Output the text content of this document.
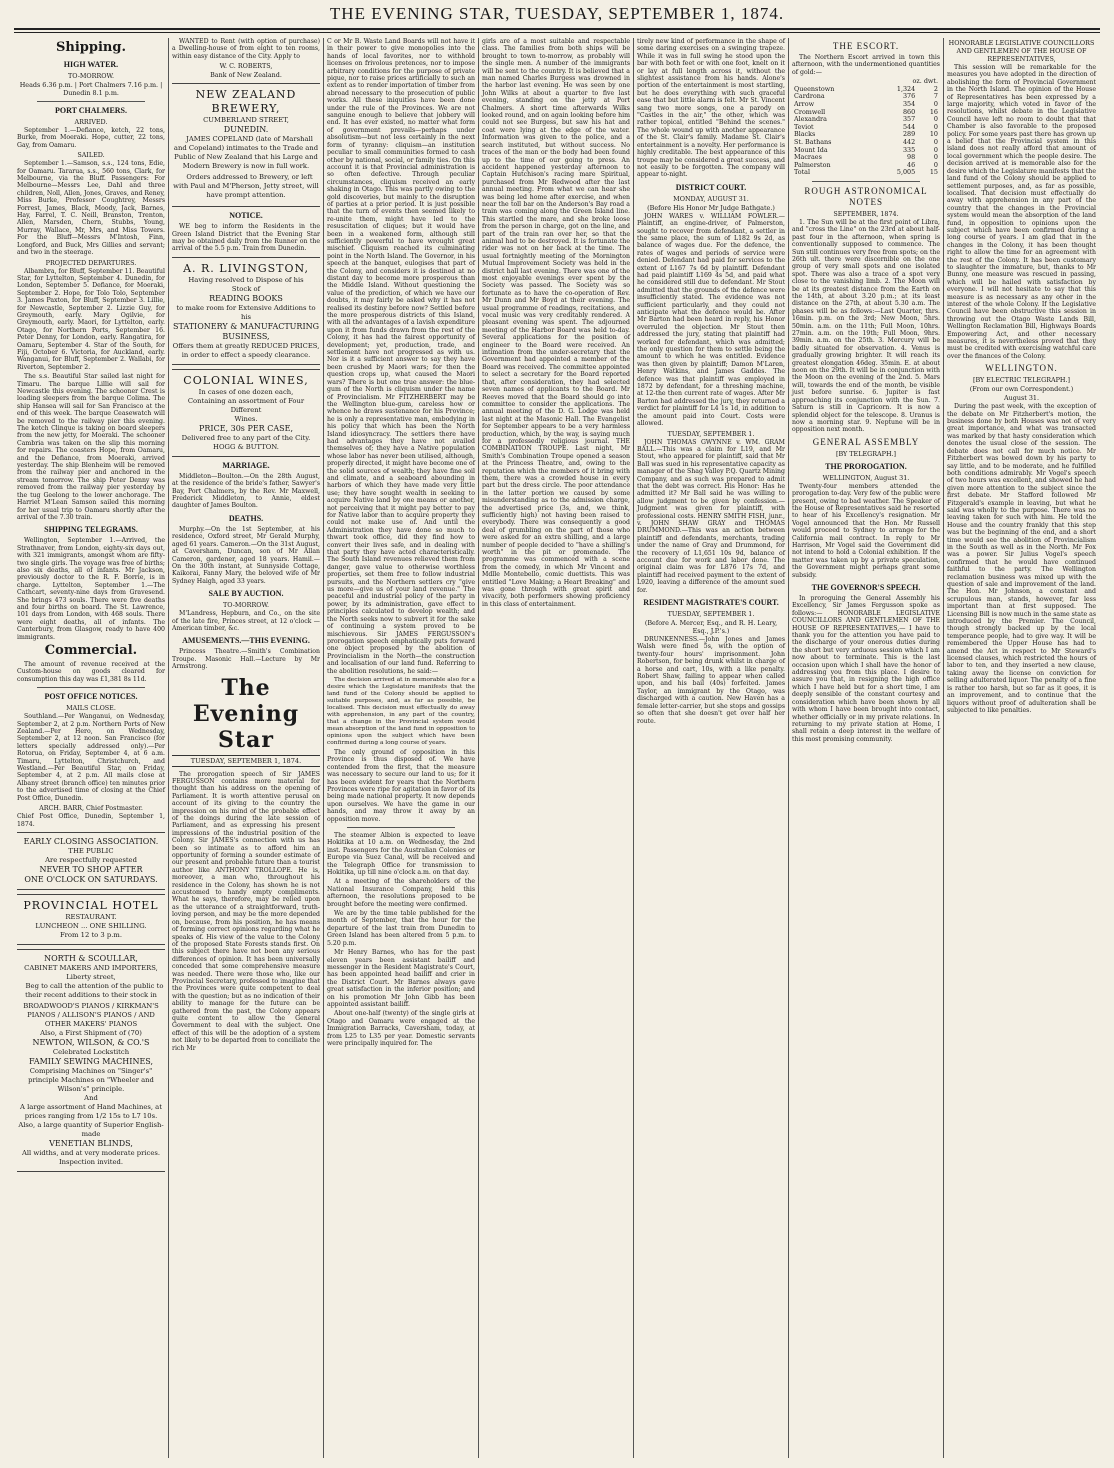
THE EVENING STAR, TUESDAY, SEPTEMBER 1, 1874.
Shipping.
HIGH WATER.
TO-MORROW.
Heads 6.36 p.m. | Port Chalmers 7.16 p.m. | Dunedin 8.1 p.m.
PORT CHALMERS.
ARRIVED.

September 1.—Defiance, ketch, 22 tons, Burke, from Moeraki. Hope, cutter, 22 tons, Gay, from Oamaru.

SAILED.

September 1.—Samson, s.s., 124 tons, Edie, for Oamaru. Tararua, s.s., 560 tons, Clark, for Melbourne, via the Bluff. Passengers: For Melbourne—Messrs Lee, Dahl and three children, Noll, Allen, Jones, Graves, and Reney, Miss Burke, Professor Coughtrey, Messrs Forrest, James, Black, Moody, Jack, Barnes, Hay, Farrel, T. C. Neill, Branston, Trenton, Allen, Marsden, Chern, Stubbs, Young, Murray, Wallace, Mr, Mrs, and Miss Towers. For the Bluff—Messrs M'Intosh, Finn, Longford, and Buck, Mrs Gillies and servant; and two in the steerage.

PROJECTED DEPARTURES.

Albambra, for Bluff, September 11. Beautiful Star, for Lyttelton, September 4. Dunedin, for London, September 5. Defiance, for Moeraki, September 2. Hope, for Tolo Tolo, September 3. James Paxton, for Bluff, September 3. Lillie, for Newcastle, September 2. Lizzie Guy, for Greymouth, early. Mary Ogilvie, for Greymouth, early. Maori, for Lyttelton, early. Otago, for Northern Ports, September 16. Peter Denny, for London, early. Rangatira, for Oamaru, September 4. Star of the South, for Fiji, October 6. Victoria, for Auckland, early. Wanganui, for Bluff, September 2. Wallabi, for Riverton, September 2.

The s.s. Beautiful Star sailed last night for Timaru. The barque Lillie will sail for Newcastle this evening. The schooner Crest is loading sleepers from the barque Colima. The ship Hansea will sail for San Francisco at the end of this week. The barque Ceasewatch will be removed to the railway pier this evening. The ketch Clinque is taking on board sleepers from the new jetty, for Moeraki. The schooner Cambria was taken on the slip this morning for repairs. The coasters Hope, from Oamaru, and the Defiance, from Moeraki, arrived yesterday. The ship Blenheim will be removed from the railway pier and anchored in the stream tomorrow. The ship Peter Denny was removed from the railway pier yesterday by the tug Geelong to the lower anchorage. The Harriet M'Lean Samson sailed this morning for her usual trip to Oamaru shortly after the arrival of the 7.30 train.

SHIPPING TELEGRAMS.

Wellington, September 1.—Arrived, the Strathnaver, from London, eighty-six days out, with 321 immigrants, amongst whom are fifty-two single girls. The voyage was free of births; also six deaths, all of infants. Mr Jackson, previously doctor to the R. F. Borrie, is in charge. Lyttelton, September 1.—The Cathcart, seventy-nine days from Gravesend. She brings 473 souls. There were five deaths and four births on board. The St. Lawrence, 101 days from London, with 468 souls. There were eight deaths, all of infants. The Canterbury, from Glasgow, ready to have 400 immigrants.

Commercial.

The amount of revenue received at the Custom-house on goods cleared for consumption this day was £1,381 8s 11d.

POST OFFICE NOTICES.
MAILS CLOSE.

Southland.—Per Wanganui, on Wednesday, September 2, at 2 p.m. Northern Ports of New Zealand.—Per Hero, on Wednesday, September 2, at 12 noon. San Francisco (for letters specially addressed only).—Per Rotorua, on Friday, September 4, at 6 a.m. Timaru, Lyttelton, Christchurch, and Westland.—Per Beautiful Star, on Friday, September 4, at 2 p.m. All mails close at Albany street (branch office) ten minutes prior to the advertised time of closing at the Chief Post Office, Dunedin.

ARCH. BARR, Chief Postmaster.

Chief Post Office, Dunedin, September 1, 1874.

EARLY CLOSING ASSOCIATION.
THE PUBLIC
Are respectfully requested
NEVER TO SHOP AFTER
ONE O'CLOCK ON SATURDAYS.
PROVINCIAL HOTEL
RESTAURANT.
LUNCHEON ... ONE SHILLING.
From 12 to 3 p.m.
NORTH & SCOULLAR,
CABINET MAKERS AND IMPORTERS, Liberty street,

Beg to call the attention of the public to their recent additions to their stock in

BROADWOOD'S PIANOS / KIRKMAN'S PIANOS / ALLISON'S PIANOS / AND OTHER MAKERS' PIANOS
Also, a First Shipment of (70)
NEWTON, WILSON, & CO.'S
Celebrated Lockstitch
FAMILY SEWING MACHINES,
Comprising Machines on "Singer's" principle Machines on "Wheeler and Wilson's" principle.
And
A large assortment of Hand Machines, at prices ranging from 1/2 15s to L7 10s.
Also, a large quantity of Superior English-made
VENETIAN BLINDS,
All widths, and at very moderate prices.
Inspection invited.

WANTED to Rent (with option of purchase) a Dwelling-house of from eight to ten rooms, within easy distance of the City. Apply to

W. C. ROBERTS,
Bank of New Zealand.
NEW ZEALAND BREWERY,
CUMBERLAND STREET,
DUNEDIN.

JAMES COPELAND (late of Marshall and Copeland) intimates to the Trade and Public of New Zealand that his Large and Modern Brewery is now in full work.

Orders addressed to Brewery, or left with Paul and M'Pherson, Jetty street, will have prompt attention.

NOTICE.

WE beg to inform the Residents in the Green Island District that the Evening Star may be obtained daily from the Runner on the arrival of the 5.5 p.m. Train from Dunedin.

A. R. LIVINGSTON,
Having resolved to Dispose of his
Stock of
READING BOOKS
to make room for Extensive Additions to his
STATIONERY & MANUFACTURING
BUSINESS,
Offers them at greatly REDUCED PRICES, in order to effect a speedy clearance.
COLONIAL WINES,
In cases of one dozen each,
Containing an assortment of Four Different
Wines.
PRICE, 30s PER CASE,
Delivered free to any part of the City.
HOGG & BUTTON.
MARRIAGE.

Middleton—Boulton.—On the 28th August, at the residence of the bride's father, Sawyer's Bay, Port Chalmers, by the Rev. Mr Maxwell, Frederick Middleton, to Annie, eldest daughter of James Boulton.

DEATHS.

Murphy.—On the 1st September, at his residence, Oxford street, Mr Gerald Murphy, aged 61 years. Cameron.—On the 31st August, at Caversham, Duncan, son of Mr Allan Cameron, gardener, aged 18 years. Hamil.—On the 30th instant, at Sunnyside Cottage, Kaikorai, Fanny Mary, the beloved wife of Mr Sydney Haigh, aged 33 years.

SALE BY AUCTION.
TO-MORROW.

M'Landress, Hepburn, and Co., on the site of the late fire, Princes street, at 12 o'clock —American timber, &c.

AMUSEMENTS.—THIS EVENING.

Princess Theatre.—Smith's Combination Troupe. Masonic Hall.—Lecture by Mr Armstrong.

The Evening Star
TUESDAY, SEPTEMBER 1, 1874.

The prorogation speech of Sir JAMES FERGUSSON contains more material for thought than his address on the opening of Parliament. It is worth attentive perusal on account of its giving to the country the impression on his mind of the probable effect of the doings during the late session of Parliament, and as expressing his present impressions of the industrial position of the Colony. Sir JAMES's connection with us has been so intimate as to afford him an opportunity of forming a sounder estimate of our present and probable future than a tourist author like ANTHONY TROLLOPE. He is, moreover, a man who, throughout his residence in the Colony, has shown he is not accustomed to handy empty compliments. What he says, therefore, may be relied upon as the utterance of a straightforward, truth-loving person, and may be the more depended on, because, from his position, he has means of forming correct opinions regarding what he speaks of. His view of the value to the Colony of the proposed State Forests stands first. On this subject there have not been any serious differences of opinion. It has been universally conceded that some comprehensive measure was needed. There were those who, like our Provincial Secretary, professed to imagine that the Provinces were quite competent to deal with the question; but as no indication of their ability to manage for the future can be gathered from the past, the Colony appears quite content to allow the General Government to deal with the subject. One effect of this will be the adoption of a system not likely to be departed from to conciliate the rich Mr

C or Mr B. Waste Land Boards will not have it in their power to give monopolies into the hands of local favorites, nor to withhold licenses on frivolous pretences, nor to impose arbitrary conditions for the purpose of private pique, nor to raise prices artificially to such an extent as to render importation of timber from abroad necessary to the prosecution of public works. All these iniquities have been done under the rule of the Provinces. We are not sanguine enough to believe that jobbery will end. It has ever existed, no matter what form of government prevails—perhaps under absolutism—but not less certainly in the next form of tyranny: cliquism—an institution peculiar to small communities formed to cash other by national, social, or family ties. On this account it is that Provincial administration is so often defective. Through peculiar circumstances, cliquism received an early shaking in Otago. This was partly owing to the gold discoveries, but mainly to the disruption of parties at a prior period. It is just possible that the turn of events then seemed likely to re-unite them, might have led to the resuscitation of cliques; but it would have been in a weakened form, although still sufficiently powerful to have wrought great mischief. Cliquism reached its culminating point in the North Island. The Governor, in his speech at the banquet, eulogises that part of the Colony, and considers it is destined at no distant day to become more prosperous than the Middle Island. Without questioning the value of the prediction, of which we have our doubts, it may fairly be asked why it has not realised its destiny before now? Settled before the more prosperous districts of this Island, with all the advantages of a lavish expenditure upon it from funds drawn from the rest of the Colony, it has had the fairest opportunity of development; yet, production, trade, and settlement have not progressed as with us. Nor is it a sufficient answer to say they have been crushed by Maori wars; for then the question crops up, what caused the Maori wars? There is but one true answer: the blue-gum of the North is cliquism under the name of Provincialism. Mr FITZHERBERT may be the Wellington blue-gum, careless how or whence he draws sustenance for his Province; he is only a representative man, embodying in his policy that which has been the North Island idiosyncracy. The settlers there have had advantages they have not availed themselves of; they have a Native population whose labor has never been utilised, although, properly directed, it might have become one of the solid sources of wealth; they have fine soil and climate, and a seaboard abounding in harbors of which they have made very little use; they have sought wealth in seeking to acquire Native land by one means or another, not perceiving that it might pay better to pay for Native labor than to acquire property they could not make use of. And until the Administration they have done so much to thwart took office, did they find how to convert their lives safe, and in dealing with that party they have acted characteristically. The South Island revenues relieved them from danger, gave value to otherwise worthless properties, set them free to follow industrial pursuits, and the Northern settlers cry "give us more—give us of your land revenue." The peaceful and industrial policy of the party in power, by its administration, gave effect to principles calculated to develop wealth; and the North seeks now to subvert it for the sake of continuing a system proved to be mischievous. Sir JAMES FERGUSSON's prorogation speech emphatically puts forward one object proposed by the abolition of Provincialism in the North—the construction and localisation of our land fund. Referring to the abolition resolutions, he said:—

The decision arrived at in memorable also for a desire which the Legislature manifests that the land fund of the Colony should be applied to suitable purposes, and, as far as possible, be localised. This decision must effectually do away with apprehension, in any part of the country, that a change in the Provincial system would mean absorption of the land fund in opposition to opinions upon the subject which have been confirmed during a long course of years.

The only ground of opposition in this Province is thus disposed of. We have contended from the first, that the measure was necessary to secure our land to us; for it has been evident for years that the Northern Provinces were ripe for agitation in favor of its being made national property. It now depends upon ourselves. We have the game in our hands, and may throw it away by an opposition move.

The steamer Albion is expected to leave Hokitika at 10 a.m. on Wednesday, the 2nd inst. Passengers for the Australian Colonies or Europe via Suez Canal, will be received and the Telegraph Office for transmission to Hokitika, up till nine o'clock a.m. on that day.

At a meeting of the shareholders of the National Insurance Company, held this afternoon, the resolutions proposed to be brought before the meeting were confirmed.

We are by the time table published for the month of September, that the hour for the departure of the last train from Dunedin to Green Island has been altered from 5 p.m. to 5.20 p.m.

Mr Henry Barnes, who has for the past eleven years been assistant bailiff and messenger in the Resident Magistrate's Court, has been appointed head bailiff and crier in the District Court. Mr Barnes always gave great satisfaction in the inferior position; and on his promotion Mr John Gibb has been appointed assistant bailiff.

About one-half (twenty) of the single girls at Otago and Oamaru were engaged at the Immigration Barracks, Caversham, today, at from L25 to L35 per year. Domestic servants were principally inquired for. The

girls are of a most suitable and respectable class. The families from both ships will be brought to town to-morrow, as probably will the single men. A number of the immigrants will be sent to the country. It is believed that a man named Charles Burgess was drowned in the harbor last evening. He was seen by one John Wilks at about a quarter to five last evening, standing on the jetty at Port Chalmers. A short time afterwards Wilks looked round, and on again looking before him could not see Burgess, but saw his hat and coat were lying at the edge of the water. Information was given to the police, and a search instituted, but without success. No traces of the man or the body had been found up to the time of our going to press. An accident happened yesterday afternoon to Captain Hutchison's racing mare Spiritual, purchased from Mr Redwood after the last annual meeting. From what we can hear she was being led home after exercise, and when near the toll bar on the Anderson's Bay road a train was coming along the Green Island line. This startled the mare, and she broke loose from the person in charge, got on the line, and part of the train ran over her, so that the animal had to be destroyed. It is fortunate the rider was not on her back at the time. The usual fortnightly meeting of the Mornington Mutual Improvement Society was held in the district hall last evening. There was one of the most enjoyable evenings ever spent by the Society was passed. The Society was so fortunate as to have the co-operation of Rev. Mr Dunn and Mr Boyd at their evening. The usual programme of readings, recitations, and vocal music was very creditably rendered. A pleasant evening was spent. The adjourned meeting of the Harbor Board was held to-day. Several applications for the position of engineer to the Board were received. An intimation from the under-secretary that the Government had appointed a member of the Board was received. The committee appointed to select a secretary for the Board reported that, after consideration, they had selected seven names of applicants to the Board. Mr Reeves moved that the Board should go into committee to consider the applications. The annual meeting of the D. G. Lodge was held last night at the Masonic Hall. The Evangelist for September appears to be a very harmless production, which, by the way, is saying much for a professedly religious journal. THE COMBINATION TROUPE. Last night, Mr Smith's Combination Troupe opened a season at the Princess Theatre, and, owing to the reputation which the members of it bring with them, there was a crowded house in every part but the dress circle. The poor attendance in the latter portion we caused by some misunderstanding as to the admission charge, the advertised price (3s, and, we think, sufficiently high) not having been raised to everybody. There was consequently a good deal of grumbling on the part of those who were asked for an extra shilling, and a large number of people decided to "have a shilling's worth" in the pit or promenade. The programme was commenced with a scene from the comedy, in which Mr Vincent and Mdlle Montebello, comic duettists. This was entitled "Love Making; a Heart Breaking" and was gone through with great spirit and vivacity, both performers showing proficiency in this class of entertainment.

tirely new kind of performance in the shape of some daring exercises on a swinging trapeze. While it was in full swing he stood upon the bar with both feet or with one foot, knelt on it or lay at full length across it, without the slightest assistance from his hands. Alone's portion of the entertainment is most startling, but he does everything with such graceful ease that but little alarm is felt. Mr St. Vincent sang two more songs, one a parody on "Castles in the air," the other, which was rather topical, entitled "Behind the scenes." The whole wound up with another appearance of the St. Clair's family. Madame St. Clair's entertainment is a novelty. Her performance is highly creditable. The best appearance of this troupe may be considered a great success, and not easily to be forgotten. The company will appear to-night.

DISTRICT COURT.
MONDAY, AUGUST 31.
(Before His Honor Mr Judge Bathgate.)

JOHN WARES v. WILLIAM FOWLER.—Plaintiff, an engine-driver, of Palmerston, sought to recover from defendant, a settler in the same place, the sum of L182 9s 2d, as balance of wages due. For the defence, the rates of wages and periods of service were denied. Defendant had paid for services to the extent of L167 7s 6d by plaintiff. Defendant had paid plaintiff L169 4s 5d, and paid what he considered still due to defendant. Mr Stout admitted that the grounds of the defence were insufficiently stated. The evidence was not sufficient particularly, and they could not anticipate what the defence would be. After Mr Barton had been heard in reply, his Honor overruled the objection. Mr Stout then addressed the jury, stating that plaintiff had worked for defendant, which was admitted; the only question for them to settle being the amount to which he was entitled. Evidence was then given by plaintiff; Damon M'Laren, Henry Watkins, and James Gaddes. The defence was that plaintiff was employed in 1872 by defendant, for a threshing machine, at 12-the then current rate of wages. After Mr Barton had addressed the jury, they returned a verdict for plaintiff for L4 1s 1d, in addition to the amount paid into Court. Costs were allowed.

TUESDAY, SEPTEMBER 1.

JOHN THOMAS GWYNNE v. WM. GRAM BALL.—This was a claim for L19, and Mr Stout, who appeared for plaintiff, said that Mr Ball was sued in his representative capacity as manager of the Shag Valley P.Q. Quartz Mining Company, and as such was prepared to admit that the debt was correct. His Honor: Has he admitted it? Mr Ball said he was willing to allow judgment to be given by confession.—Judgment was given for plaintiff, with professional costs. HENRY SMITH FISH, junr., v. JOHN SHAW GRAY and THOMAS DRUMMOND.—This was an action between plaintiff and defendants, merchants, trading under the name of Gray and Drummond, for the recovery of L1,651 10s 9d, balance of account due for work and labor done. The original claim was for L876 17s 7d, and plaintiff had received payment to the extent of L920, leaving a difference of the amount sued for.

RESIDENT MAGISTRATE'S COURT.
TUESDAY, SEPTEMBER 1.
(Before A. Mercer, Esq., and R. H. Leary, Esq., J.P.'s.)

DRUNKENNESS.—John Jones and James Walsh were fined 5s, with the option of twenty-four hours' imprisonment. John Robertson, for being drunk whilst in charge of a horse and cart, 10s, with a like penalty. Robert Shaw, failing to appear when called upon, and his bail (40s) forfeited. James Taylor, an immigrant by the Otago, was discharged with a caution. New Haven has a female letter-carrier, but she stops and gossips so often that she doesn't get over half her route.

THE ESCORT.

The Northern Escort arrived in town this afternoon, with the undermentioned quantities of gold:—

	oz. dwt.	
Queenstown	1,324	2
Cardrona	376	7
Arrow	354	0
Cromwell	860	16
Alexandra	357	0
Teviot	544	0
Blacks	289	10
St. Bathans	442	0
Mount Ida	335	0
Macraes	98	0
Palmerston	46	0
Total	5,005	15
ROUGH ASTRONOMICAL NOTES
SEPTEMBER, 1874.

1. The Sun will be at the first point of Libra, and "cross the Line" on the 23rd at about half-past four in the afternoon, when spring is conventionally supposed to commence. The Sun still continues very free from spots; on the 26th ult. there were discernible on the one group of very small spots and one isolated spot. There was also a trace of a spot very close to the vanishing limb. 2. The Moon will be at its greatest distance from the Earth on the 14th, at about 3.20 p.m.; at its least distance on the 27th, at about 5.30 a.m. The phases will be as follows:—Last Quarter, thrs. 16min. p.m. on the 3rd; New Moon, 5hrs. 50min. a.m. on the 11th; Full Moon, 10hrs. 27min. a.m. on the 19th; Full Moon, 9hrs. 39min. a.m. on the 25th. 3. Mercury will be badly situated for observation. 4. Venus is gradually growing brighter. It will reach its greatest elongation 46deg. 35min. E. at about noon on the 29th. It will be in conjunction with the Moon on the evening of the 2nd. 5. Mars will, towards the end of the month, be visible just before sunrise. 6. Jupiter is fast approaching its conjunction with the Sun. 7. Saturn is still in Capricorn. It is now a splendid object for the telescope. 8. Uranus is now a morning star. 9. Neptune will be in opposition next month.

GENERAL ASSEMBLY
[BY TELEGRAPH.]
THE PROROGATION.
WELLINGTON, August 31.

Twenty-four members attended the prorogation to-day. Very few of the public were present, owing to bad weather. The Speaker of the House of Representatives said he resorted to hear of his Excellency's resignation. Mr Vogel announced that the Hon. Mr Russell would proceed to Sydney to arrange for the California mail contract. In reply to Mr Harrison, Mr Vogel said the Government did not intend to hold a Colonial exhibition. If the matter was taken up by a private speculation, the Government might perhaps grant some subsidy.

THE GOVERNOR'S SPEECH.

In proroguing the General Assembly his Excellency, Sir James Fergusson spoke as follows:— HONORABLE LEGISLATIVE COUNCILLORS AND GENTLEMEN OF THE HOUSE OF REPRESENTATIVES,— I have to thank you for the attention you have paid to the discharge of your onerous duties during the short but very arduous session which I am now about to terminate. This is the last occasion upon which I shall have the honor of addressing you from this place. I desire to assure you that, in resigning the high office which I have held but for a short time, I am deeply sensible of the constant courtesy and consideration which have been shown by all with whom I have been brought into contact, whether officially or in my private relations. In returning to my private station at Home, I shall retain a deep interest in the welfare of this most promising community.

HONORABLE LEGISLATIVE COUNCILLORS AND GENTLEMEN OF THE HOUSE OF REPRESENTATIVES,

This session will be remarkable for the measures you have adopted in the direction of abolishing the form of Provincial Government in the North Island. The opinion of the House of Representatives has been expressed by a large majority, which voted in favor of the resolutions, whilst debate in the Legislative Council have left no room to doubt that that Chamber is also favorable to the proposed policy. For some years past there has grown up a belief that the Provincial system in this island does not really afford that amount of local government which the people desire. The decision arrived at is memorable also for the desire which the Legislature manifests that the land fund of the Colony should be applied to settlement purposes, and, as far as possible, localised. That decision must effectually do away with apprehension in any part of the country that the changes in the Provincial system would mean the absorption of the land fund, in opposition to opinions upon the subject which have been confirmed during a long course of years. I am glad that in the changes in the Colony, it has been thought right to allow the time for an agreement with the rest of the Colony. It has been customary to slaughter the immature, but, thanks to Mr Bunny, one measure was rescued in passing, which will be hailed with satisfaction by everyone. I will not hesitate to say that this measure is as necessary as any other in the interest of the whole Colony. If the Legislative Council have been obstructive this session in throwing out the Otago Waste Lands Bill, Wellington Reclamation Bill, Highways Boards Empowering Act, and other necessary measures, it is nevertheless proved that they must be credited with exercising watchful care over the finances of the Colony.

WELLINGTON.
[BY ELECTRIC TELEGRAPH.]
(From our own Correspondent.)
August 31.

During the past week, with the exception of the debate on Mr Fitzherbert's motion, the business done by both Houses was not of very great importance, and what was transacted was marked by that hasty consideration which denotes the usual close of the session. The debate does not call for much notice. Mr Fitzherbert was bowed down by his party to say little, and to be moderate, and he fulfilled both conditions admirably. Mr Vogel's speech of two hours was excellent, and showed he had given more attention to the subject since the first debate. Mr Stafford followed Mr Fitzgerald's example in leaving, but what he said was wholly to the purpose. There was no leaving taken for such with him. He told the House and the country frankly that this step was but the beginning of the end, and a short time would see the abolition of Provincialism in the South as well as in the North. Mr Fox was a power. Sir Julius Vogel's speech confirmed that he would have continued faithful to the party. The Wellington reclamation business was mixed up with the question of sale and improvement of the land. The Hon. Mr Johnson, a constant and scrupulous man, stands, however, far less important than at first supposed. The Licensing Bill is now much in the same state as introduced by the Premier. The Council, though strongly backed up by the local temperance people, had to give way. It will be remembered the Upper House has had to amend the Act in respect to Mr Steward's licensed clauses, which restricted the hours of labor to ten, and they inserted a new clause, taking away the license on conviction for selling adulterated liquor. The penalty of a fine is rather too harsh, but so far as it goes, it is an improvement, and to continue that the liquors without proof of adulteration shall be subjected to like penalties.
